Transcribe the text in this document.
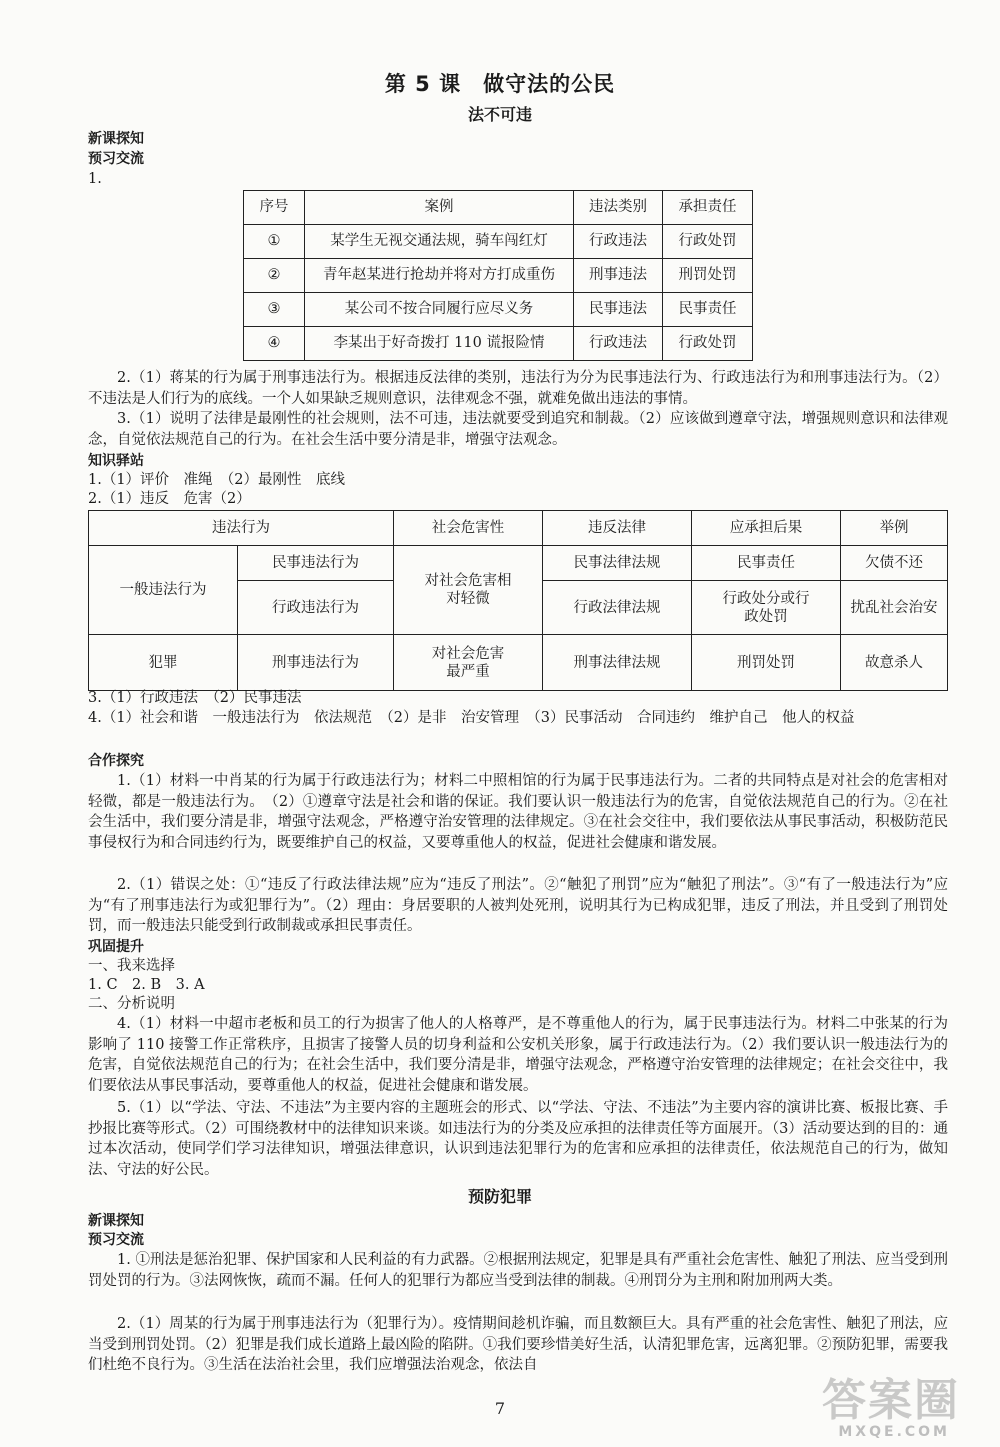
第 5 课　做守法的公民
法不可违
新课探知
预习交流
1.
序号	案例	违法类别	承担责任
①	某学生无视交通法规，骑车闯红灯	行政违法	行政处罚
②	青年赵某进行抢劫并将对方打成重伤	刑事违法	刑罚处罚
③	某公司不按合同履行应尽义务	民事违法	民事责任
④	李某出于好奇拨打 110 谎报险情	行政违法	行政处罚
2.（1）蒋某的行为属于刑事违法行为。根据违反法律的类别，违法行为分为民事违法行为、行政违法行为和刑事违法行为。（2）不违法是人们行为的底线。一个人如果缺乏规则意识，法律观念不强，就难免做出违法的事情。
3.（1）说明了法律是最刚性的社会规则，法不可违，违法就要受到追究和制裁。（2）应该做到遵章守法，增强规则意识和法律观念，自觉依法规范自己的行为。在社会生活中要分清是非，增强守法观念。
知识驿站
1.（1）评价　准绳　（2）最刚性　底线
2.（1）违反　危害（2）
违法行为		社会危害性	违反法律	应承担后果	举例
一般违法行为	民事违法行为	对社会危害相对轻微	民事法律法规	民事责任	欠债不还
	行政违法行为		行政法律法规	行政处分或行政处罚	扰乱社会治安
犯罪	刑事违法行为	对社会危害最严重	刑事法律法规	刑罚处罚	故意杀人
3.（1）行政违法　（2）民事违法
4.（1）社会和谐　一般违法行为　依法规范　（2）是非　治安管理　（3）民事活动　合同违约　维护自己　他人的权益
合作探究
1.（1）材料一中肖某的行为属于行政违法行为；材料二中照相馆的行为属于民事违法行为。二者的共同特点是对社会的危害相对轻微，都是一般违法行为。　（2）①遵章守法是社会和谐的保证。我们要认识一般违法行为的危害，自觉依法规范自己的行为。②在社会生活中，我们要分清是非，增强守法观念，严格遵守治安管理的法律规定。③在社会交往中，我们要依法从事民事活动，积极防范民事侵权行为和合同违约行为，既要维护自己的权益，又要尊重他人的权益，促进社会健康和谐发展。
2.（1）错误之处：①“违反了行政法律法规”应为“违反了刑法”。②“触犯了刑罚”应为“触犯了刑法”。③“有了一般违法行为”应为“有了刑事违法行为或犯罪行为”。（2）理由：身居要职的人被判处死刑，说明其行为已构成犯罪，违反了刑法，并且受到了刑罚处罚，而一般违法只能受到行政制裁或承担民事责任。
巩固提升
一、我来选择
1. C　2. B　3. A
二、分析说明
4.（1）材料一中超市老板和员工的行为损害了他人的人格尊严，是不尊重他人的行为，属于民事违法行为。材料二中张某的行为影响了 110 接警工作正常秩序，且损害了接警人员的切身利益和公安机关形象，属于行政违法行为。（2）我们要认识一般违法行为的危害，自觉依法规范自己的行为；在社会生活中，我们要分清是非，增强守法观念，严格遵守治安管理的法律规定；在社会交往中，我们要依法从事民事活动，要尊重他人的权益，促进社会健康和谐发展。
5.（1）以“学法、守法、不违法”为主要内容的主题班会的形式、以“学法、守法、不违法”为主要内容的演讲比赛、板报比赛、手抄报比赛等形式。（2）可围绕教材中的法律知识来谈。如违法行为的分类及应承担的法律责任等方面展开。（3）活动要达到的目的：通过本次活动，使同学们学习法律知识，增强法律意识，认识到违法犯罪行为的危害和应承担的法律责任，依法规范自己的行为，做知法、守法的好公民。
预防犯罪
新课探知
预习交流
1. ①刑法是惩治犯罪、保护国家和人民利益的有力武器。②根据刑法规定，犯罪是具有严重社会危害性、触犯了刑法、应当受到刑罚处罚的行为。③法网恢恢，疏而不漏。任何人的犯罪行为都应当受到法律的制裁。④刑罚分为主刑和附加刑两大类。
2.（1）周某的行为属于刑事违法行为（犯罪行为）。疫情期间趁机诈骗，而且数额巨大。具有严重的社会危害性、触犯了刑法，应当受到刑罚处罚。（2）犯罪是我们成长道路上最凶险的陷阱。①我们要珍惜美好生活，认清犯罪危害，远离犯罪。②预防犯罪，需要我们杜绝不良行为。③生活在法治社会里，我们应增强法治观念，依法自
7	答案圈
MXQE.COM
